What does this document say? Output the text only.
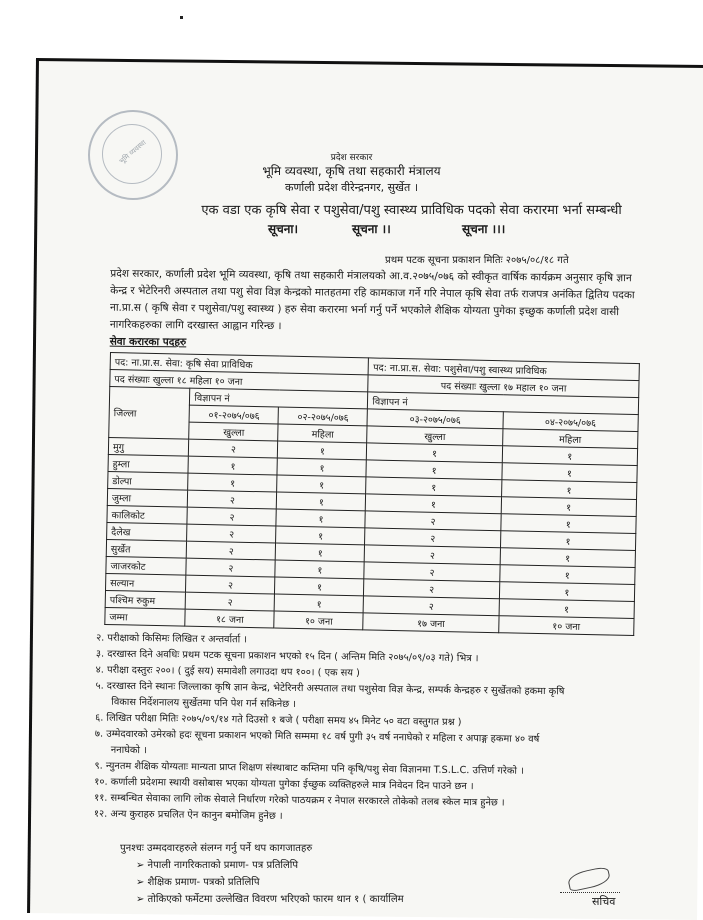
भूमि व्यवस्था	प्रदेश सरकार
भूमि व्यवस्था, कृषि तथा सहकारी मंत्रालय
कर्णाली प्रदेश वीरेन्द्रनगर, सुर्खेत ।
एक वडा एक कृषि सेवा र पशुसेवा/पशु स्वास्थ्य प्राविधिक पदको सेवा करारमा भर्ना सम्बन्धी
सूचना।	सूचना ।।	सूचना ।।।
प्रथम पटक सूचना प्रकाशन मितिः २०७५/०८/१८ गते
प्रदेश सरकार, कर्णाली प्रदेश भूमि व्यवस्था, कृषि तथा सहकारी मंत्रालयको आ.व.२०७५/०७६ को स्वीकृत वार्षिक कार्यक्रम अनुसार कृषि ज्ञान केन्द्र र भेटेरिनरी अस्पताल तथा पशु सेवा विज्ञ केन्द्रको मातहतमा रहि कामकाज गर्ने गरि नेपाल कृषि सेवा तर्फ राजपत्र अनंकित द्वितिय पदका ना.प्रा.स ( कृषि सेवा र पशुसेवा/पशु स्वास्थ्य ) हरु सेवा करारमा भर्ना गर्नु पर्ने भएकोले शैक्षिक योग्यता पुगेका इच्छुक कर्णाली प्रदेश वासी नागरिकहरुका लागि दरखास्त आह्वान गरिन्छ ।
सेवा करारका पदहरु
पद: ना.प्रा.स. सेवा: कृषि सेवा प्राविधिक			पद: ना.प्रा.स. सेवा: पशुसेवा/पशु स्वास्थ्य प्राविधिक	
पद संख्याः खुल्ला १८ महिला १० जना			पद संख्याः खुल्ला १७ महाल १० जना	
जिल्ला	विज्ञापन नं		विज्ञापन नं	
	०१-२०७५/०७६	०२-२०७५/०७६	०३-२०७५/०७६	०४-२०७५/०७६
	खुल्ला	महिला	खुल्ला	महिला
मुगु	२	१	१	१
हुम्ला	१	१	१	१
डोल्पा	१	१	१	१
जुम्ला	२	१	१	१
कालिकोट	२	१	२	१
दैलेख	२	१	२	१
सुर्खेत	२	१	२	१
जाजरकोट	२	१	२	१
सल्यान	२	१	२	१
पश्चिम रुकुम	२	१	२	१
जम्मा	१८ जना	१० जना	१७ जना	१० जना
२. परीक्षाको किसिमः लिखित र अन्तर्वार्ता ।
३. दरखास्त दिने अवधिः प्रथम पटक सूचना प्रकाशन भएको १५ दिन ( अन्तिम मिति २०७५/०९/०३ गते) भित्र ।
४. परीक्षा दस्तुरः २००। ( दुई सय) समावेशी लगाउदा थप १००। ( एक सय )
५. दरखास्त दिने स्थानः जिल्लाका कृषि ज्ञान केन्द्र, भेटेरिनरी अस्पताल तथा पशुसेवा विज्ञ केन्द्र, सम्पर्क केन्द्रहरु र सुर्खेतको हकमा कृषि
विकास निर्देशनालय सुर्खेतमा पनि पेश गर्न सकिनेछ ।
६. लिखित परीक्षा मितिः २०७५/०९/१४ गते दिउसो १ बजे ( परीक्षा समय ४५ मिनेट ५० वटा वस्तुगत प्रश्न )
७. उम्मेदवारको उमेरको हदः सूचना प्रकाशन भएको मिति सम्ममा १८ वर्ष पुगी ३५ वर्ष ननाघेको र महिला र अपाङ्ग हकमा ४० वर्ष
ननाघेको ।
९. न्युनतम शैक्षिक योग्यताः मान्यता प्राप्त शिक्षण संस्थाबाट कम्तिमा पनि कृषि/पशु सेवा विज्ञानमा T.S.L.C. उत्तिर्ण गरेको ।
१०. कर्णाली प्रदेशमा स्थायी वसोबास भएका योग्यता पुगेका ईच्छुक व्यक्तिहरुले मात्र निवेदन दिन पाउने छन ।
११. सम्बन्धित सेवाका लागि लोक सेवाले निर्धारण गरेको पाठयक्रम र नेपाल सरकारले तोकेको तलब स्केल मात्र हुनेछ ।
१२. अन्य कुराहरु प्रचलित ऐन कानुन बमोजिम हुनेछ ।
पुनश्चः उम्मदवारहरुले संलग्न गर्नु पर्ने थप कागजातहरु
➢ नेपाली नागरिकताको प्रमाण- पत्र प्रतिलिपि
➢ शैक्षिक प्रमाण- पत्रको प्रतिलिपि
➢ तोकिएको फर्मेटमा उल्लेखित विवरण भरिएको फारम थान १ ( कार्यालिम	सचिव
